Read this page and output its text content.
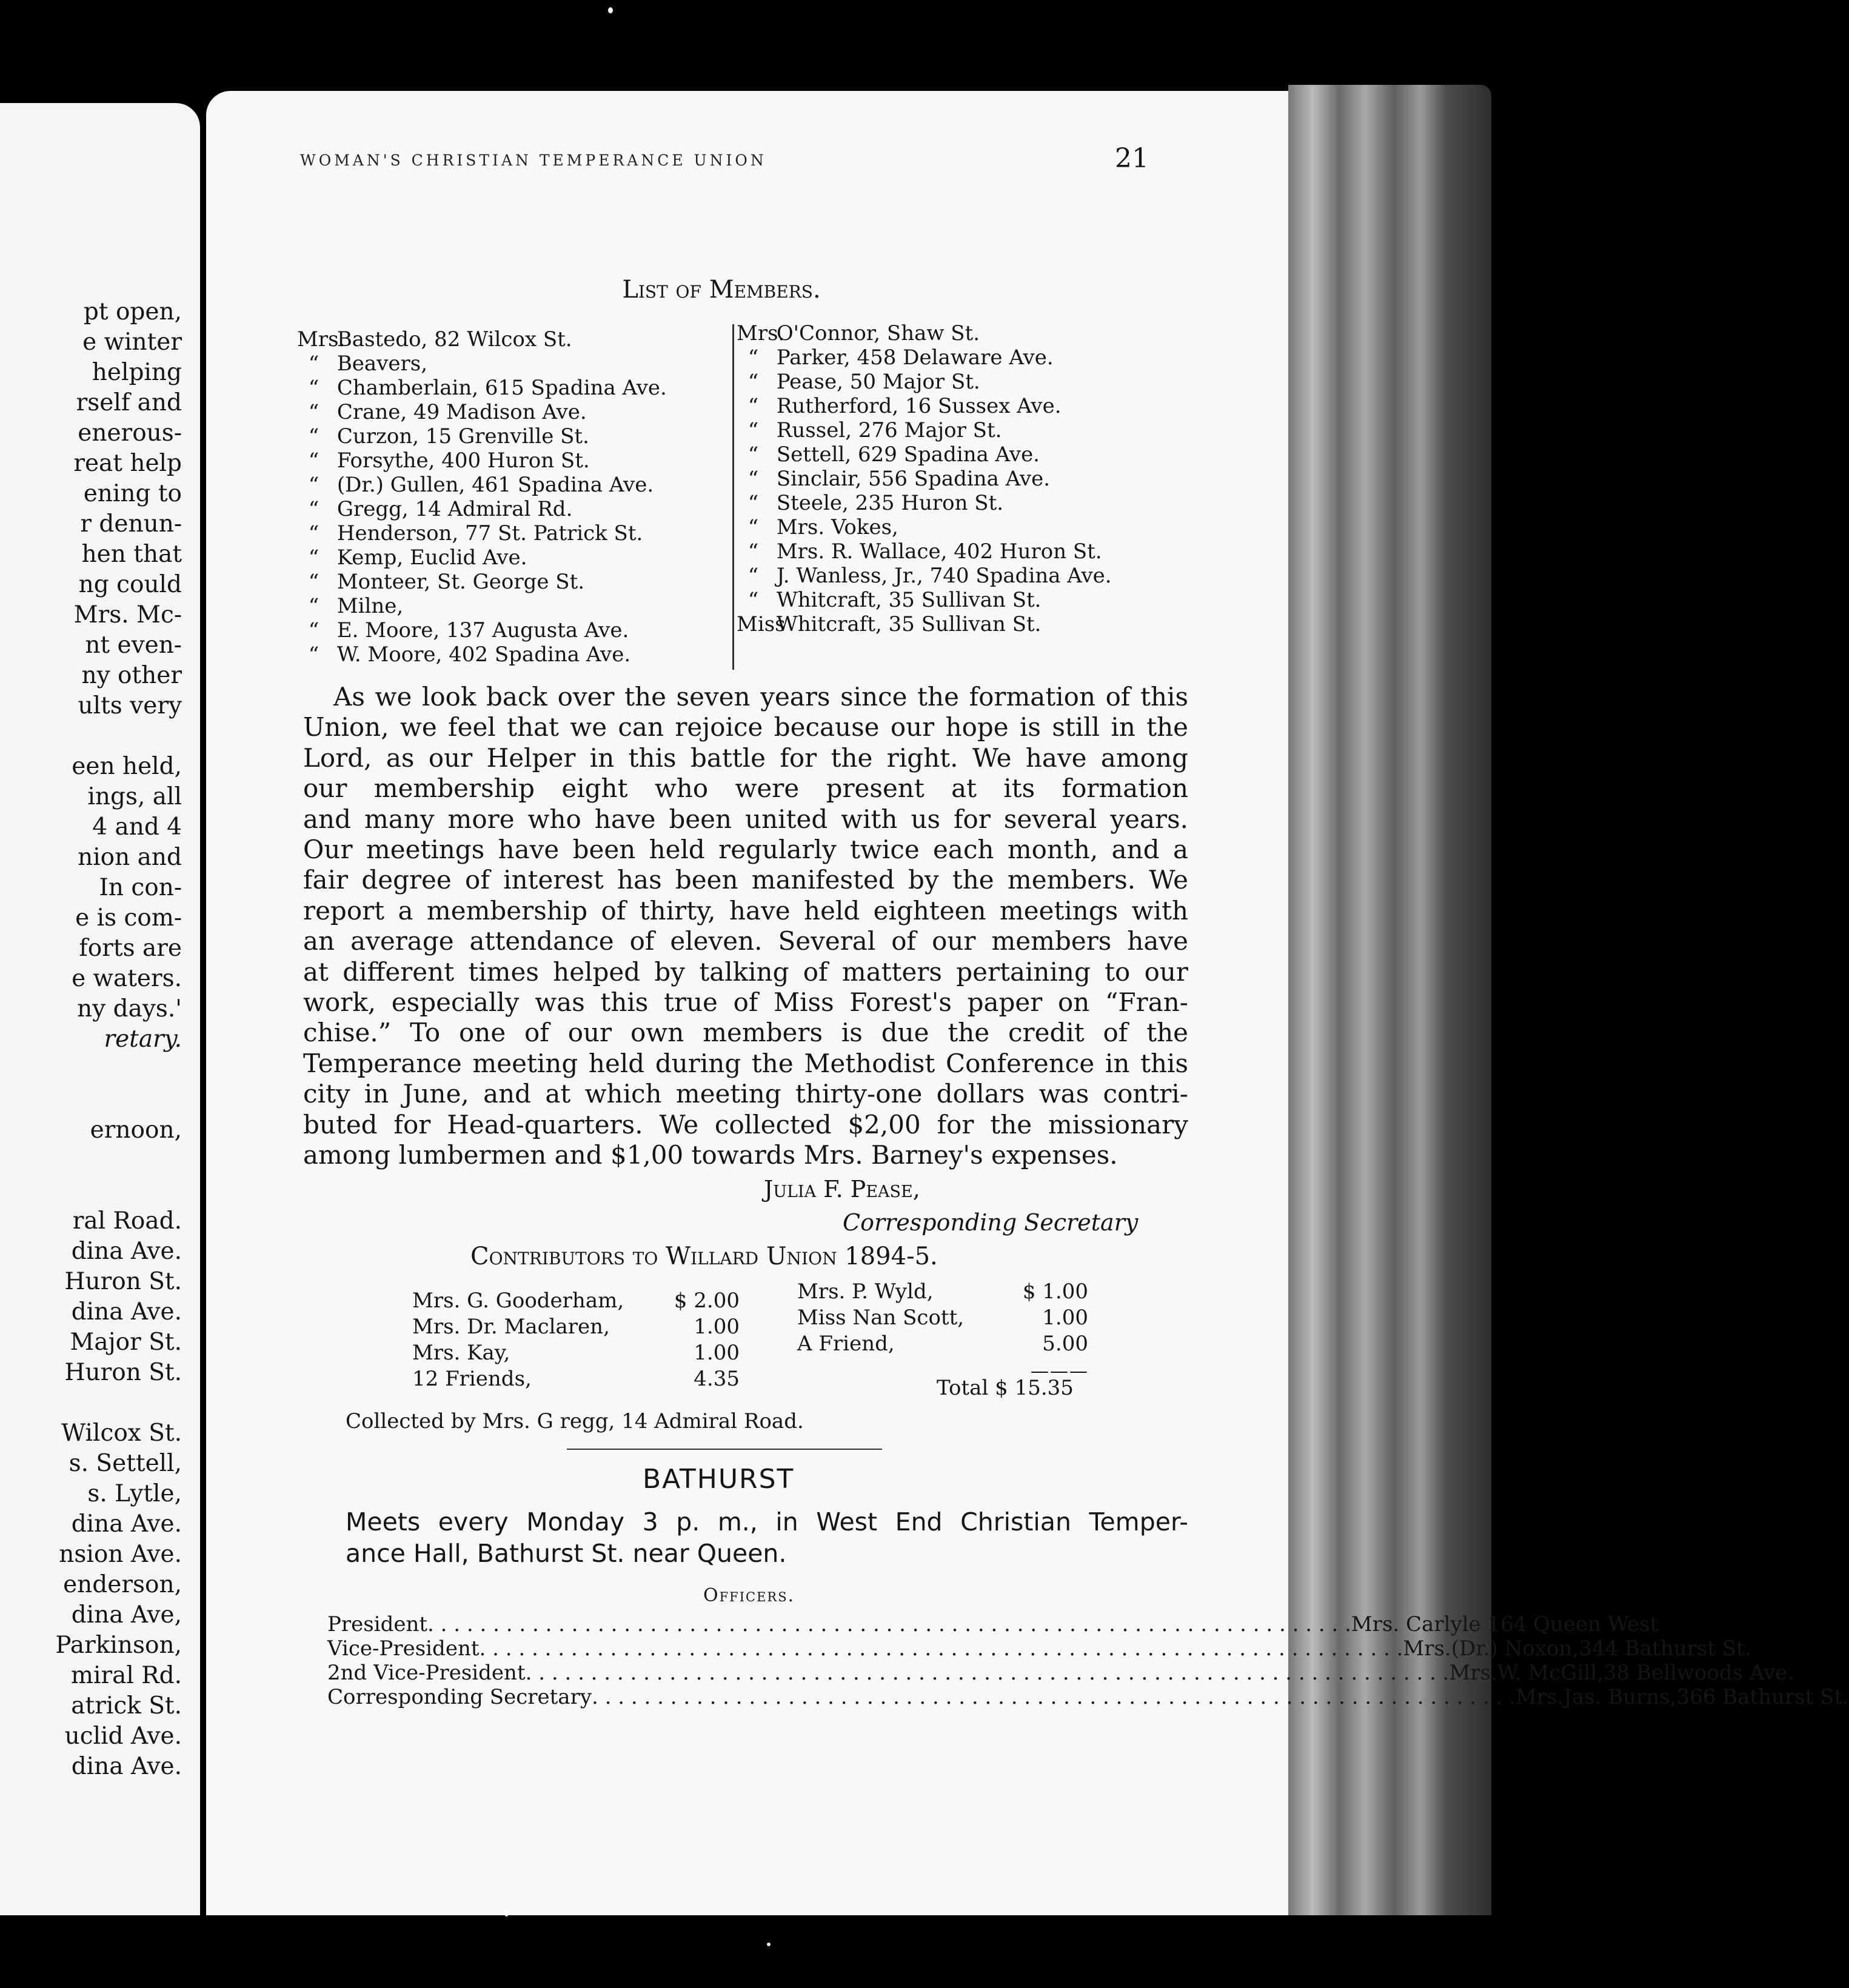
pt open,
e winter
helping
rself and
enerous-
reat help
ening to
r denun-
hen that
ng could
Mrs. Mc-
nt even-
ny other
ults very

een held,
ings, all
4 and 4
nion and
In con-
e is com-
forts are
e waters.
ny days.'
retary.

ernoon,

ral Road.
dina Ave.
Huron St.
dina Ave.
Major St.
Huron St.

Wilcox St.
s. Settell,
s. Lytle,
dina Ave.
nsion Ave.
enderson,
dina Ave,
Parkinson,
miral Rd.
atrick St.
uclid Ave.
dina Ave.
WOMAN'S CHRISTIAN TEMPERANCE UNION	21
List of Members.
Mrs. Bastedo, 82 Wilcox St.
“ Beavers,
“ Chamberlain, 615 Spadina Ave.
“ Crane, 49 Madison Ave.
“ Curzon, 15 Grenville St.
“ Forsythe, 400 Huron St.
“ (Dr.) Gullen, 461 Spadina Ave.
“ Gregg, 14 Admiral Rd.
“ Henderson, 77 St. Patrick St.
“ Kemp, Euclid Ave.
“ Monteer, St. George St.
“ Milne,
“ E. Moore, 137 Augusta Ave.
“ W. Moore, 402 Spadina Ave.
Mrs. O'Connor, Shaw St.
“ Parker, 458 Delaware Ave.
“ Pease, 50 Major St.
“ Rutherford, 16 Sussex Ave.
“ Russel, 276 Major St.
“ Settell, 629 Spadina Ave.
“ Sinclair, 556 Spadina Ave.
“ Steele, 235 Huron St.
“ Mrs. Vokes,
“ Mrs. R. Wallace, 402 Huron St.
“ J. Wanless, Jr., 740 Spadina Ave.
“ Whitcraft, 35 Sullivan St.
Miss Whitcraft, 35 Sullivan St.
As we look back over the seven years since the formation of this
Union, we feel that we can rejoice because our hope is still in the
Lord, as our Helper in this battle for the right. We have among
our membership eight who were present at its formation
and many more who have been united with us for several years.
Our meetings have been held regularly twice each month, and a
fair degree of interest has been manifested by the members. We
report a membership of thirty, have held eighteen meetings with
an average attendance of eleven. Several of our members have
at different times helped by talking of matters pertaining to our
work, especially was this true of Miss Forest's paper on “Fran-
chise.” To one of our own members is due the credit of the
Temperance meeting held during the Methodist Conference in this
city in June, and at which meeting thirty-one dollars was contri-
buted for Head-quarters. We collected $2,00 for the missionary
among lumbermen and $1,00 towards Mrs. Barney's expenses.
Julia F. Pease,
Corresponding Secretary
Contributors to Willard Union 1894-5.
Mrs. G. Gooderham, $ 2.00
Mrs. Dr. Maclaren,	1.00
Mrs. Kay,	1.00
12 Friends,	4.35
Mrs. P. Wyld,	$ 1.00
Miss Nan Scott,	1.00
A Friend,	5.00
———
Total $ 15.35
Collected by Mrs. G regg, 14 Admiral Road.
BATHURST
Meets every Monday 3 p. m., in West End Christian Temper-
ance Hall, Bathurst St. near Queen.
Officers.
President . . . . . . . . . . . . . . . . . . . . . . . . . . . . . . . . . . . . . . . . . . . . . . . . . . . . . . . . . . . . . . . . . . . . . . . Mrs. Carlyle 164 Queen West
Vice-President . . . . . . . . . . . . . . . . . . . . . . . . . . . . . . . . . . . . . . . . . . . . . . . . . . . . . . . . . . . . . . . . . . . . . . . Mrs.(Dr.) Noxon,344 Bathurst St.
2nd Vice-President . . . . . . . . . . . . . . . . . . . . . . . . . . . . . . . . . . . . . . . . . . . . . . . . . . . . . . . . . . . . . . . . . . . . . . . Mrs.W. McGill,38 Bellwoods Ave.
Corresponding Secretary . . . . . . . . . . . . . . . . . . . . . . . . . . . . . . . . . . . . . . . . . . . . . . . . . . . . . . . . . . . . . . . . . . . . . . . Mrs.Jas. Burns,366 Bathurst St.
